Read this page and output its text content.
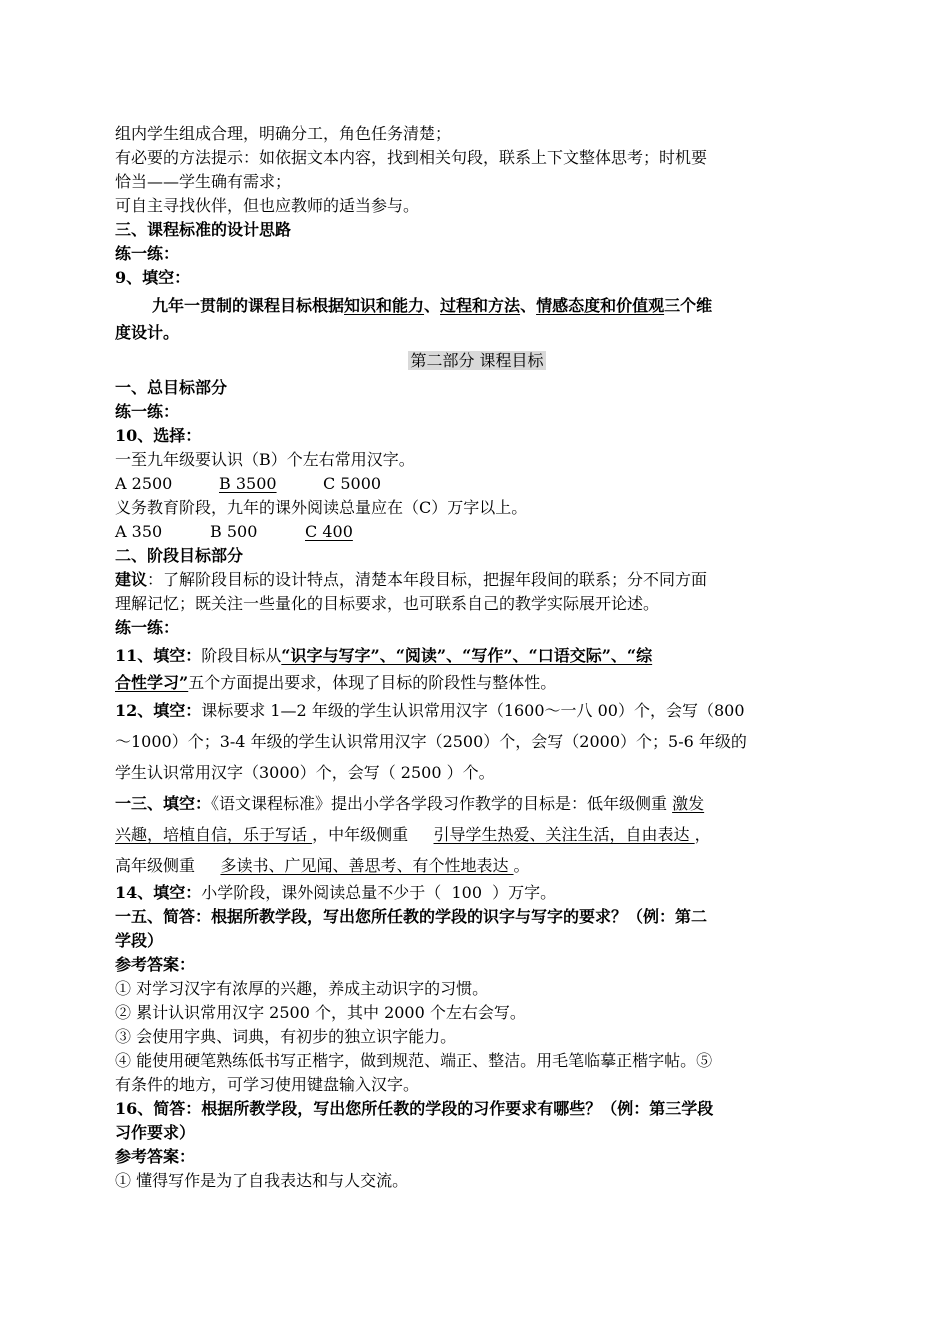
组内学生组成合理，明确分工，角色任务清楚；

有必要的方法提示：如依据文本内容，找到相关句段，联系上下文整体思考；时机要

恰当——学生确有需求；

可自主寻找伙伴，但也应教师的适当参与。

三、课程标准的设计思路

练一练：

9、填空：

九年一贯制的课程目标根据知识和能力、过程和方法、情感态度和价值观三个维

度设计。

第二部分 课程目标

一、总目标部分

练一练：

10、选择：

一至九年级要认识（B）个左右常用汉字。

A 2500	B 3500	C 5000

义务教育阶段，九年的课外阅读总量应在（C）万字以上。

A 350	B 500	C 400

二、阶段目标部分

建议：了解阶段目标的设计特点，清楚本年段目标，把握年段间的联系；分不同方面

理解记忆；既关注一些量化的目标要求，也可联系自己的教学实际展开论述。

练一练：

11、填空：阶段目标从“识字与写字”、“阅读”、“写作”、“口语交际”、“综

合性学习”五个方面提出要求，体现了目标的阶段性与整体性。

12、填空：课标要求 1—2 年级的学生认识常用汉字（1600～一八 00）个，会写（800

～1000）个；3-4 年级的学生认识常用汉字（2500）个，会写（2000）个；5-6 年级的

学生认识常用汉字（3000）个，会写（ 2500 ）个。

一三、填空：《语文课程标准》提出小学各学段习作教学的目标是：低年级侧重 激发

兴趣，培植自信，乐于写话 ，中年级侧重     引导学生热爱、关注生活，自由表达 ，

高年级侧重     多读书、广见闻、善思考、有个性地表达 。

14、填空：小学阶段，课外阅读总量不少于（  100  ）万字。

一五、简答：根据所教学段，写出您所任教的学段的识字与写字的要求？（例：第二

学段）

参考答案：

① 对学习汉字有浓厚的兴趣，养成主动识字的习惯。

② 累计认识常用汉字 2500 个，其中 2000 个左右会写。

③ 会使用字典、词典，有初步的独立识字能力。

④ 能使用硬笔熟练低书写正楷字，做到规范、端正、整洁。用毛笔临摹正楷字帖。⑤

有条件的地方，可学习使用键盘输入汉字。

16、简答：根据所教学段，写出您所任教的学段的习作要求有哪些？（例：第三学段

习作要求）

参考答案：

① 懂得写作是为了自我表达和与人交流。
